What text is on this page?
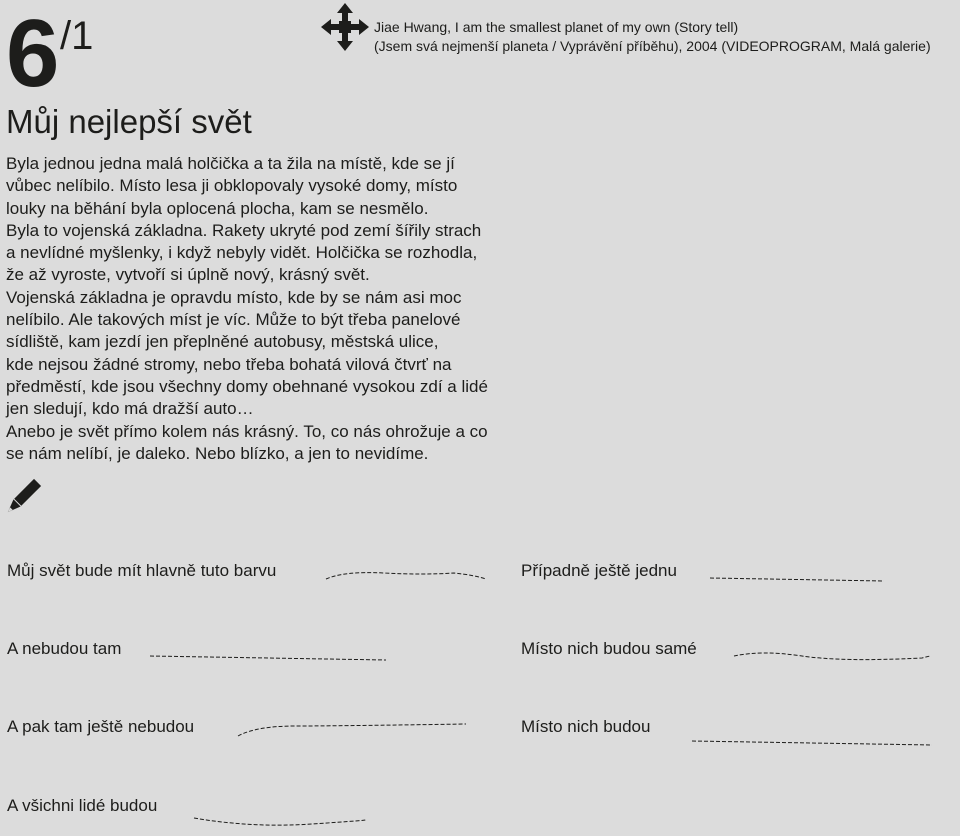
6 /1	Jiae Hwang, I am the smallest planet of my own (Story tell)
(Jsem svá nejmenší planeta / Vyprávění příběhu), 2004 (VIDEOPROGRAM, Malá galerie)
Můj nejlepší svět

Byla jednou jedna malá holčička a ta žila na místě, kde se jí

vůbec nelíbilo. Místo lesa ji obklopovaly vysoké domy, místo

louky na běhání byla oplocená plocha, kam se nesmělo.

Byla to vojenská základna. Rakety ukryté pod zemí šířily strach

a nevlídné myšlenky, i když nebyly vidět. Holčička se rozhodla,

že až vyroste, vytvoří si úplně nový, krásný svět.

Vojenská základna je opravdu místo, kde by se nám asi moc

nelíbilo. Ale takových míst je víc. Může to být třeba panelové

sídliště, kam jezdí jen přeplněné autobusy, městská ulice,

kde nejsou žádné stromy, nebo třeba bohatá vilová čtvrť na

předměstí, kde jsou všechny domy obehnané vysokou zdí a lidé

jen sledují, kdo má dražší auto…

Anebo je svět přímo kolem nás krásný. To, co nás ohrožuje a co

se nám nelíbí, je daleko. Nebo blízko, a jen to nevidíme.

Můj svět bude mít hlavně tuto barvu	Případně ještě jednu
A nebudou tam	Místo nich budou samé
A pak tam ještě nebudou	Místo nich budou
A všichni lidé budou
